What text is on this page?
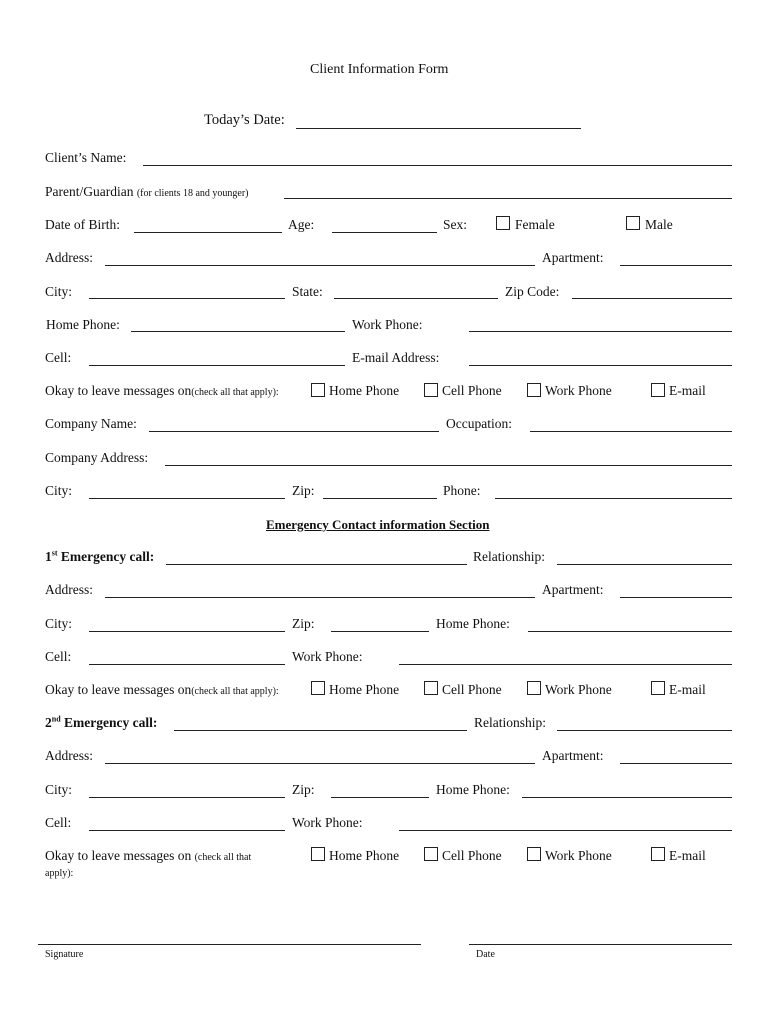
Client Information Form
Today’s Date:
Client’s Name:
Parent/Guardian (for clients 18 and younger)
Date of Birth:	Age:	Sex:	Female	Male
Address:	Apartment:
City:	State:	Zip Code:
Home Phone:	Work Phone:
Cell:	E-mail Address:
Okay to leave messages on(check all that apply):	Home Phone	Cell Phone	Work Phone	E-mail
Company Name:	Occupation:
Company Address:
City:	Zip:	Phone:
Emergency Contact information Section
1st Emergency call:	Relationship:
Address:	Apartment:
City:	Zip:	Home Phone:
Cell:	Work Phone:
Okay to leave messages on(check all that apply):	Home Phone	Cell Phone	Work Phone	E-mail
2nd Emergency call:	Relationship:
Address:	Apartment:
City:	Zip:	Home Phone:
Cell:	Work Phone:
Okay to leave messages on (check all that
apply):
Home Phone	Cell Phone	Work Phone	E-mail
Signature	Date
